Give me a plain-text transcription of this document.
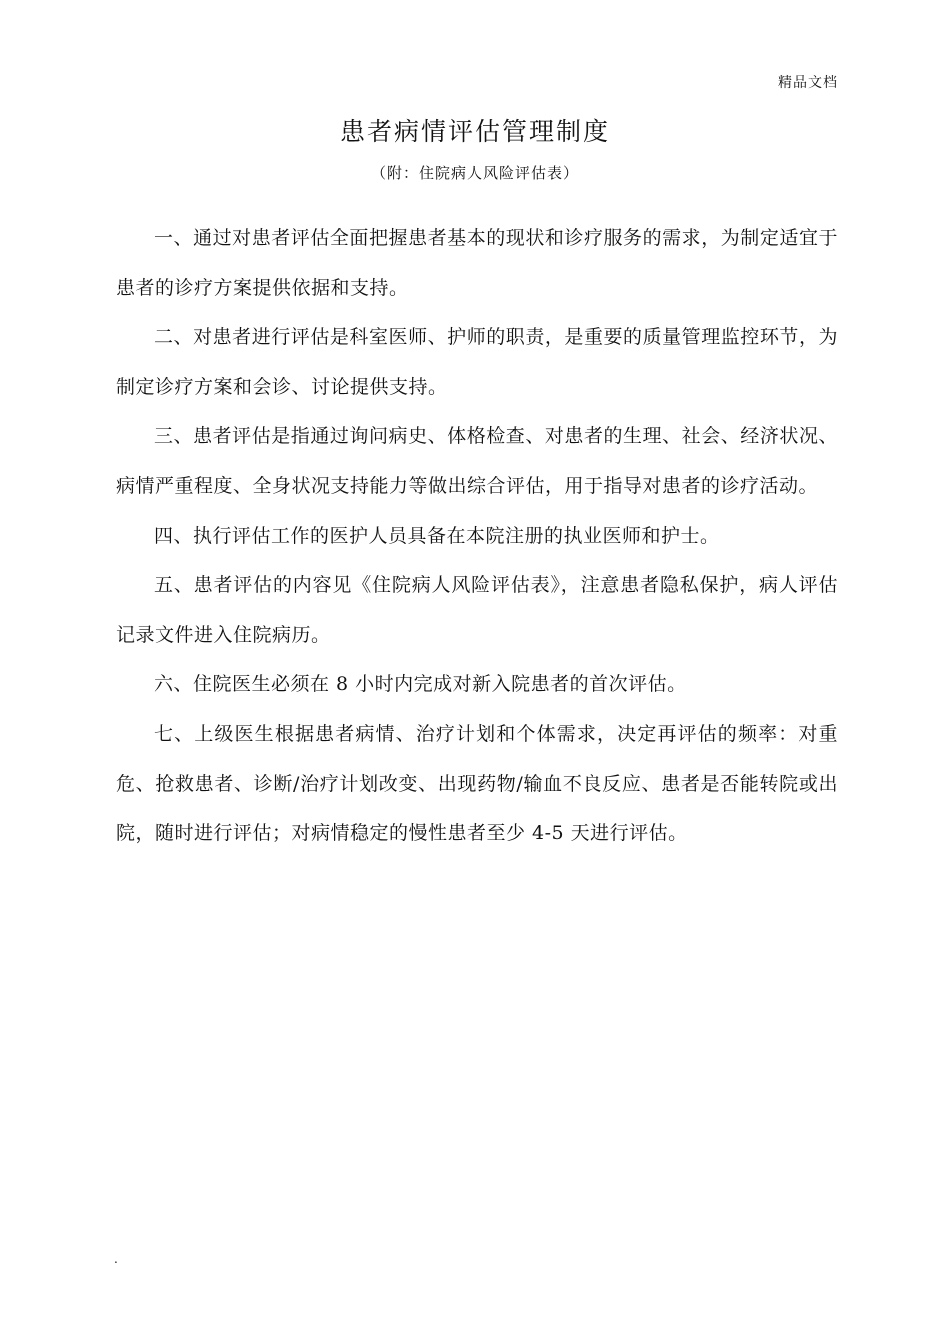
精品文档
患者病情评估管理制度
（附：住院病人风险评估表）

一、通过对患者评估全面把握患者基本的现状和诊疗服务的需求，为制定适宜于患者的诊疗方案提供依据和支持。

二、对患者进行评估是科室医师、护师的职责，是重要的质量管理监控环节，为制定诊疗方案和会诊、讨论提供支持。

三、患者评估是指通过询问病史、体格检查、对患者的生理、社会、经济状况、病情严重程度、全身状况支持能力等做出综合评估，用于指导对患者的诊疗活动。

四、执行评估工作的医护人员具备在本院注册的执业医师和护士。

五、患者评估的内容见《住院病人风险评估表》，注意患者隐私保护，病人评估记录文件进入住院病历。

六、住院医生必须在 8 小时内完成对新入院患者的首次评估。

七、上级医生根据患者病情、治疗计划和个体需求，决定再评估的频率：对重危、抢救患者、诊断/治疗计划改变、出现药物/输血不良反应、患者是否能转院或出院，随时进行评估；对病情稳定的慢性患者至少 4-5 天进行评估。

.
